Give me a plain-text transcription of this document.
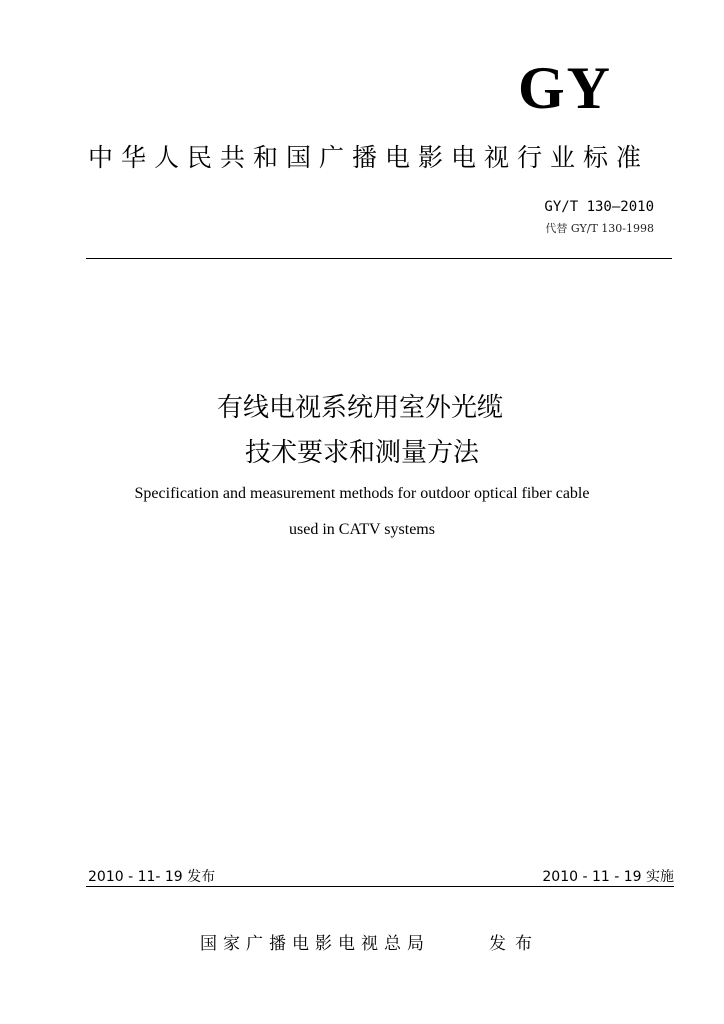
GY
中华人民共和国广播电影电视行业标准
GY/T 130—2010
代替 GY/T 130-1998
有线电视系统用室外光缆
技术要求和测量方法
Specification and measurement methods for outdoor optical fiber cable
used in CATV systems
2010 - 11- 19 发布	2010 - 11 - 19 实施
国家广播电影电视总局	发布
